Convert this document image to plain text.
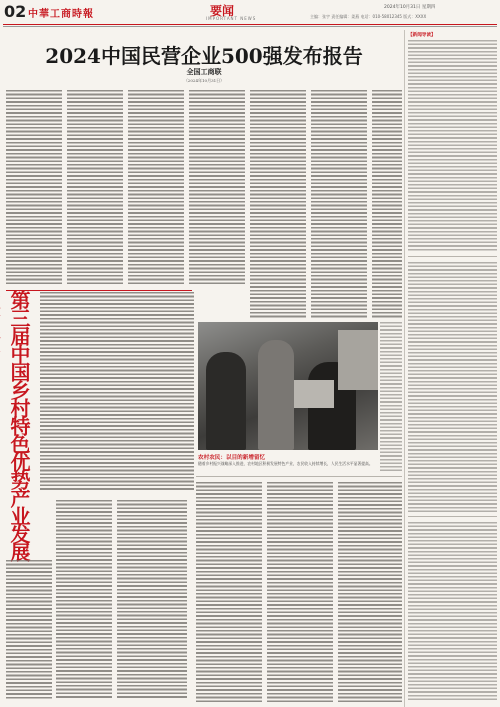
02 中華工商時報	要闻
IMPORTANT NEWS
2024年10月31日 星期四
主编：张宇 责任编辑：姜燕 电话：010-58012345 版式：XXXX
2024中国民营企业500强发布报告
全国工商联
（2024年10月31日）
【新闻导读】
第三届中国乡村特色优势产业发展
农村农民：以目的新增留忆
随着乡村振兴战略深入推进，农村地区积极发展特色产业，农民收入持续增长，人民生活水平显著提高。
